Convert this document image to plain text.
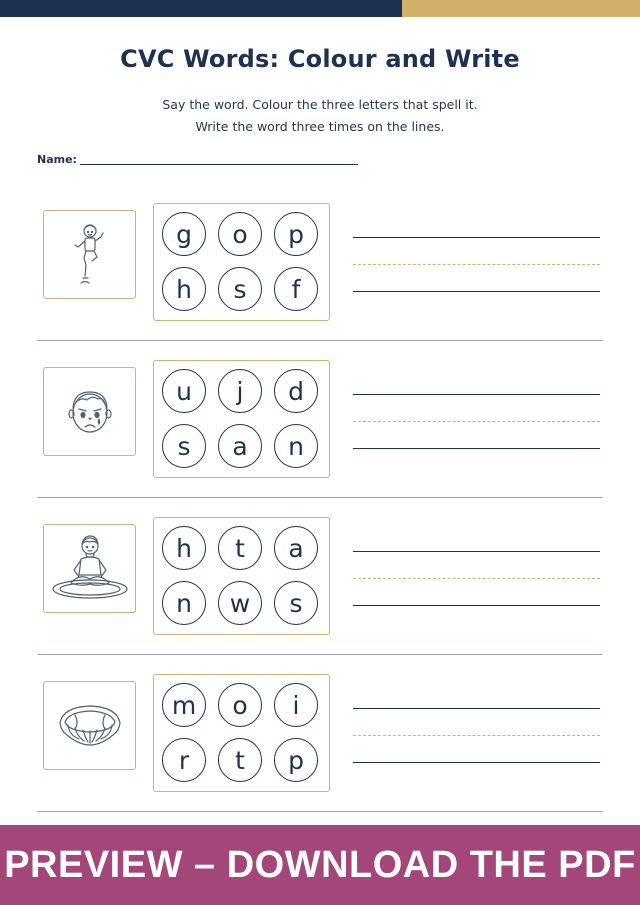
CVC Words: Colour and Write
Say the word. Colour the three letters that spell it.
Write the word three times on the lines.
Name:
g	o	p
h	s	f
u	j	d
s	a	n
h	t	a
n	w	s
m	o	i
r	t	p
PREVIEW – DOWNLOAD THE PDF
